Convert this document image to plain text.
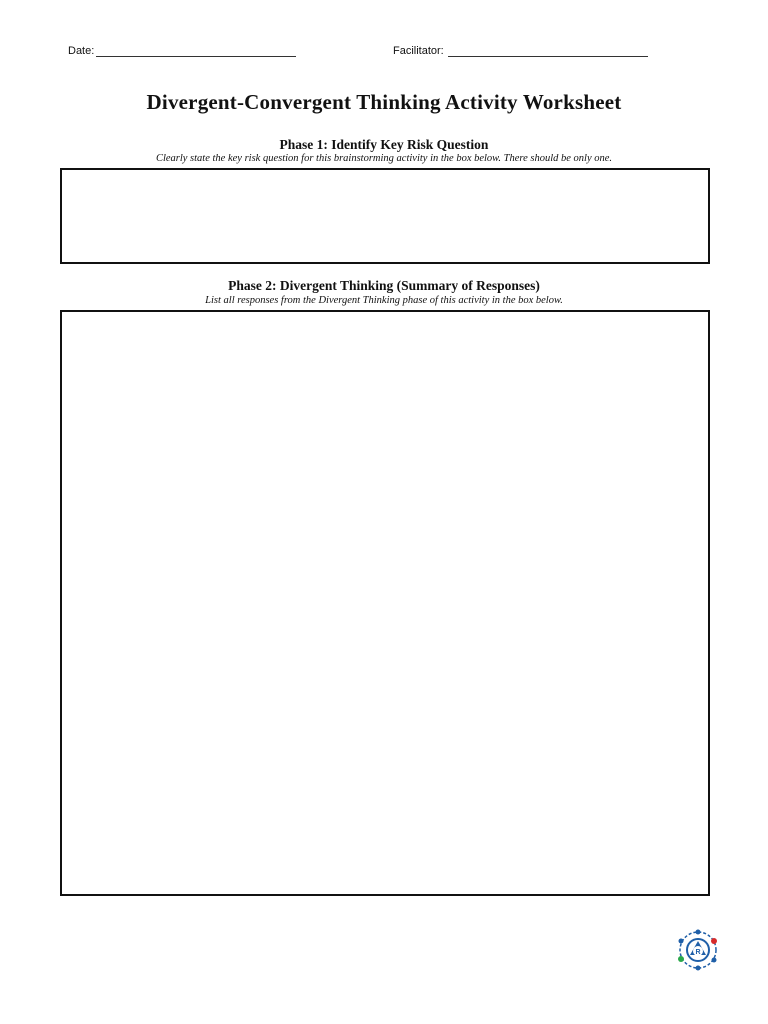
Date:	Facilitator:
Divergent-Convergent Thinking Activity Worksheet
Phase 1: Identify Key Risk Question
Clearly state the key risk question for this brainstorming activity in the box below. There should be only one.
Phase 2: Divergent Thinking (Summary of Responses)
List all responses from the Divergent Thinking phase of this activity in the box below.
R
